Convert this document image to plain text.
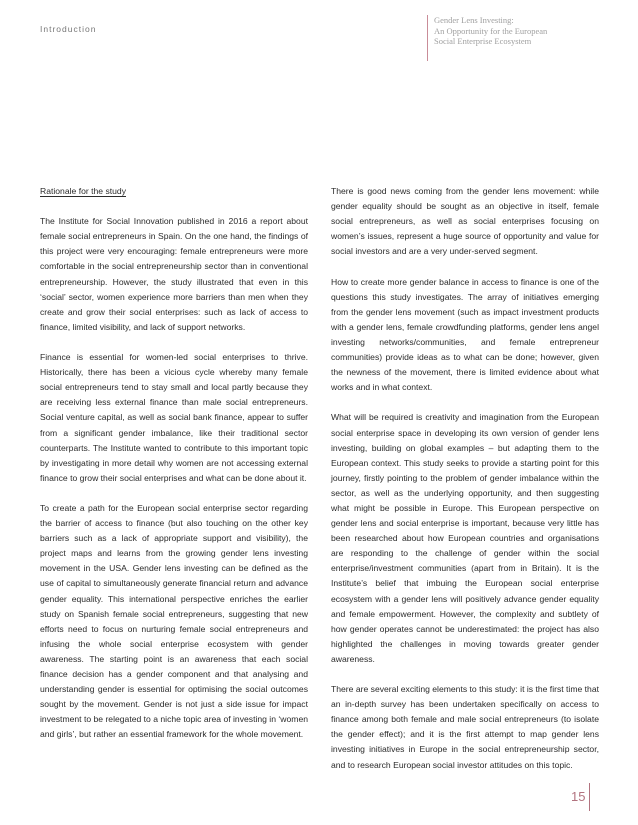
Introduction
Gender Lens Investing:
An Opportunity for the European
Social Enterprise Ecosystem
Rationale for the study

The Institute for Social Innovation published in 2016 a report about female social entrepreneurs in Spain. On the one hand, the findings of this project were very encouraging: female entrepreneurs were more comfortable in the social entrepreneurship sector than in conventional entrepreneurship. However, the study illustrated that even in this ‘social’ sector, women experience more barriers than men when they create and grow their social enterprises: such as lack of access to finance, limited visibility, and lack of support networks.

Finance is essential for women-led social enterprises to thrive. Historically, there has been a vicious cycle whereby many female social entrepreneurs tend to stay small and local partly because they are receiving less external finance than male social entrepreneurs. Social venture capital, as well as social bank finance, appear to suffer from a significant gender imbalance, like their traditional sector counterparts. The Institute wanted to contribute to this important topic by investigating in more detail why women are not accessing external finance to grow their social enterprises and what can be done about it.

To create a path for the European social enterprise sector regarding the barrier of access to finance (but also touching on the other key barriers such as a lack of appropriate support and visibility), the project maps and learns from the growing gender lens investing movement in the USA. Gender lens investing can be defined as the use of capital to simultaneously generate financial return and advance gender equality. This international perspective enriches the earlier study on Spanish female social entrepreneurs, suggesting that new efforts need to focus on nurturing female social entrepreneurs and infusing the whole social enterprise ecosystem with gender awareness. The starting point is an awareness that each social finance decision has a gender component and that analysing and understanding gender is essential for optimising the social outcomes sought by the movement. Gender is not just a side issue for impact investment to be relegated to a niche topic area of investing in ‘women and girls’, but rather an essential framework for the whole movement.

There is good news coming from the gender lens movement: while gender equality should be sought as an objective in itself, female social entrepreneurs, as well as social enterprises focusing on women’s issues, represent a huge source of opportunity and value for social investors and are a very under-served segment.

How to create more gender balance in access to finance is one of the questions this study investigates. The array of initiatives emerging from the gender lens movement (such as impact investment products with a gender lens, female crowdfunding platforms, gender lens angel investing networks/communities, and female entrepreneur communities) provide ideas as to what can be done; however, given the newness of the movement, there is limited evidence about what works and in what context.

What will be required is creativity and imagination from the European social enterprise space in developing its own version of gender lens investing, building on global examples – but adapting them to the European context. This study seeks to provide a starting point for this journey, firstly pointing to the problem of gender imbalance within the sector, as well as the underlying opportunity, and then suggesting what might be possible in Europe. This European perspective on gender lens and social enterprise is important, because very little has been researched about how European countries and organisations are responding to the challenge of gender within the social enterprise/investment communities (apart from in Britain). It is the Institute’s belief that imbuing the European social enterprise ecosystem with a gender lens will positively advance gender equality and female empowerment. However, the complexity and subtlety of how gender operates cannot be underestimated: the project has also highlighted the challenges in moving towards greater gender awareness.

There are several exciting elements to this study: it is the first time that an in-depth survey has been undertaken specifically on access to finance among both female and male social entrepreneurs (to isolate the gender effect); and it is the first attempt to map gender lens investing initiatives in Europe in the social entrepreneurship sector, and to research European social investor attitudes on this topic.

15
